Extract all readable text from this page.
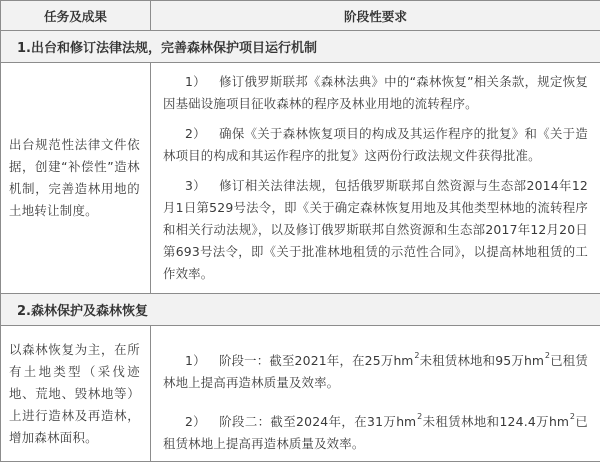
任务及成果	阶段性要求
1.出台和修订法律法规，完善森林保护项目运行机制	
出台规范性法律文件依据，创建“补偿性”造林机制，完善造林用地的土地转让制度。	1） 修订俄罗斯联邦《森林法典》中的“森林恢复”相关条款，规定恢复因基础设施项目征收森林的程序及林业用地的流转程序。

2） 确保《关于森林恢复项目的构成及其运作程序的批复》和《关于造林项目的构成和其运作程序的批复》这两份行政法规文件获得批准。

3） 修订相关法律法规，包括俄罗斯联邦自然资源与生态部2014年12月1日第529号法令，即《关于确定森林恢复用地及其他类型林地的流转程序和相关行动法规》，以及修订俄罗斯联邦自然资源和生态部2017年12月20日第693号法令，即《关于批准林地租赁的示范性合同》，以提高林地租赁的工作效率。

2.森林保护及森林恢复	
以森林恢复为主，在所有土地类型（采伐迹地、荒地、毁林地等）上进行造林及再造林，增加森林面积。	1） 阶段一：截至2021年，在25万$hm^2$未租赁林地和95万$hm^2$已租赁林地上提高再造林质量及效率。

2） 阶段二：截至2024年，在31万$hm^2$未租赁林地和124.4万$hm^2$已租赁林地上提高再造林质量及效率。
